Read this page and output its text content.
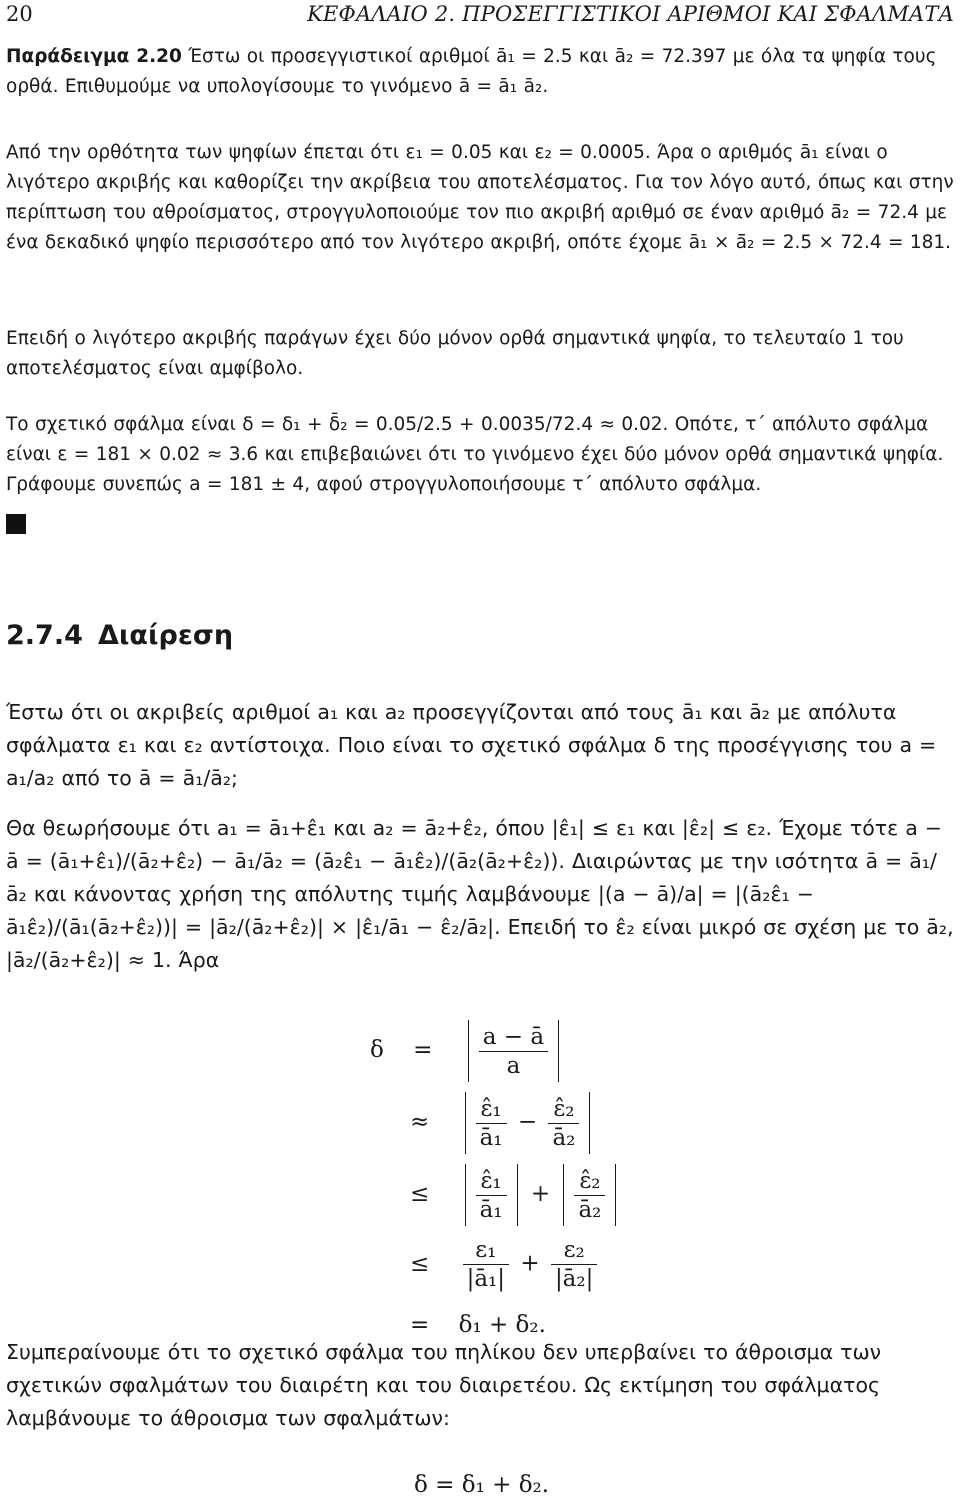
20	ΚΕΦΑΛΑΙΟ 2. ΠΡΟΣΕΓΓΙΣΤΙΚΟΙ ΑΡΙΘΜΟΙ ΚΑΙ ΣΦΑΛΜΑΤΑ

Παράδειγμα 2.20 Έστω οι προσεγγιστικοί αριθμοί ā₁ = 2.5 και ā₂ = 72.397 με όλα τα ψηφία τους ορθά. Επιθυμούμε να υπολογίσουμε το γινόμενο ā = ā₁ ā₂.

Από την ορθότητα των ψηφίων έπεται ότι ε₁ = 0.05 και ε₂ = 0.0005. Άρα ο αριθμός ā₁ είναι ο λιγότερο ακριβής και καθορίζει την ακρίβεια του αποτελέσματος. Για τον λόγο αυτό, όπως και στην περίπτωση του αθροίσματος, στρογγυλοποιούμε τον πιο ακριβή αριθμό σε έναν αριθμό ā̄₂ = 72.4 με ένα δεκαδικό ψηφίο περισσότερο από τον λιγότερο ακριβή, οπότε έχομε ā₁ × ā̄₂ = 2.5 × 72.4 = 181.

Επειδή ο λιγότερο ακριβής παράγων έχει δύο μόνον ορθά σημαντικά ψηφία, το τελευταίο 1 του αποτελέσματος είναι αμφίβολο.

Το σχετικό σφάλμα είναι δ = δ₁ + δ̄₂ = 0.05/2.5 + 0.0035/72.4 ≈ 0.02. Οπότε, τ΄ απόλυτο σφάλμα είναι ε = 181 × 0.02 ≈ 3.6 και επιβεβαιώνει ότι το γινόμενο έχει δύο μόνον ορθά σημαντικά ψηφία. Γράφουμε συνεπώς a = 181 ± 4, αφού στρογγυλοποιήσουμε τ΄ απόλυτο σφάλμα.

2.7.4 Διαίρεση

Έστω ότι οι ακριβείς αριθμοί a₁ και a₂ προσεγγίζονται από τους ā₁ και ā₂ με απόλυτα σφάλματα ε₁ και ε₂ αντίστοιχα. Ποιο είναι το σχετικό σφάλμα δ της προσέγγισης του a = a₁/a₂ από το ā = ā₁/ā₂;

Θα θεωρήσουμε ότι a₁ = ā₁+ε̂₁ και a₂ = ā₂+ε̂₂, όπου |ε̂₁| ≤ ε₁ και |ε̂₂| ≤ ε₂. Έχομε τότε a − ā = (ā₁+ε̂₁)/(ā₂+ε̂₂) − ā₁/ā₂ = (ā₂ε̂₁ − ā₁ε̂₂)/(ā₂(ā₂+ε̂₂)). Διαιρώντας με την ισότητα ā = ā₁/ā₂ και κάνοντας χρήση της απόλυτης τιμής λαμβάνουμε |(a − ā)/a| = |(ā₂ε̂₁ − ā₁ε̂₂)/(ā₁(ā₂+ε̂₂))| = |ā₂/(ā₂+ε̂₂)| × |ε̂₁/ā₁ − ε̂₂/ā₂|. Επειδή το ε̂₂ είναι μικρό σε σχέση με το ā₂, |ā₂/(ā₂+ε̂₂)| ≈ 1. Άρα

$\delta = \frac{a - ā}{a}$
≈ $\frac{\text{ε̂₁}}{\text{ā₁}} - \frac{\text{ε̂₂}}{\text{ā₂}}$
≤ $\frac{\text{ε̂₁}}{\text{ā₁}} + \frac{\text{ε̂₂}}{\text{ā₂}}$
≤ $\frac{\text{ε₁}}{\text{|ā₁|}} + \frac{\text{ε₂}}{\text{|ā₂|}}$
= δ₁ + δ₂.

Συμπεραίνουμε ότι το σχετικό σφάλμα του πηλίκου δεν υπερβαίνει το άθροισμα των σχετικών σφαλμάτων του διαιρέτη και του διαιρετέου. Ως εκτίμηση του σφάλματος λαμβάνουμε το άθροισμα των σφαλμάτων:

δ = δ₁ + δ₂.
